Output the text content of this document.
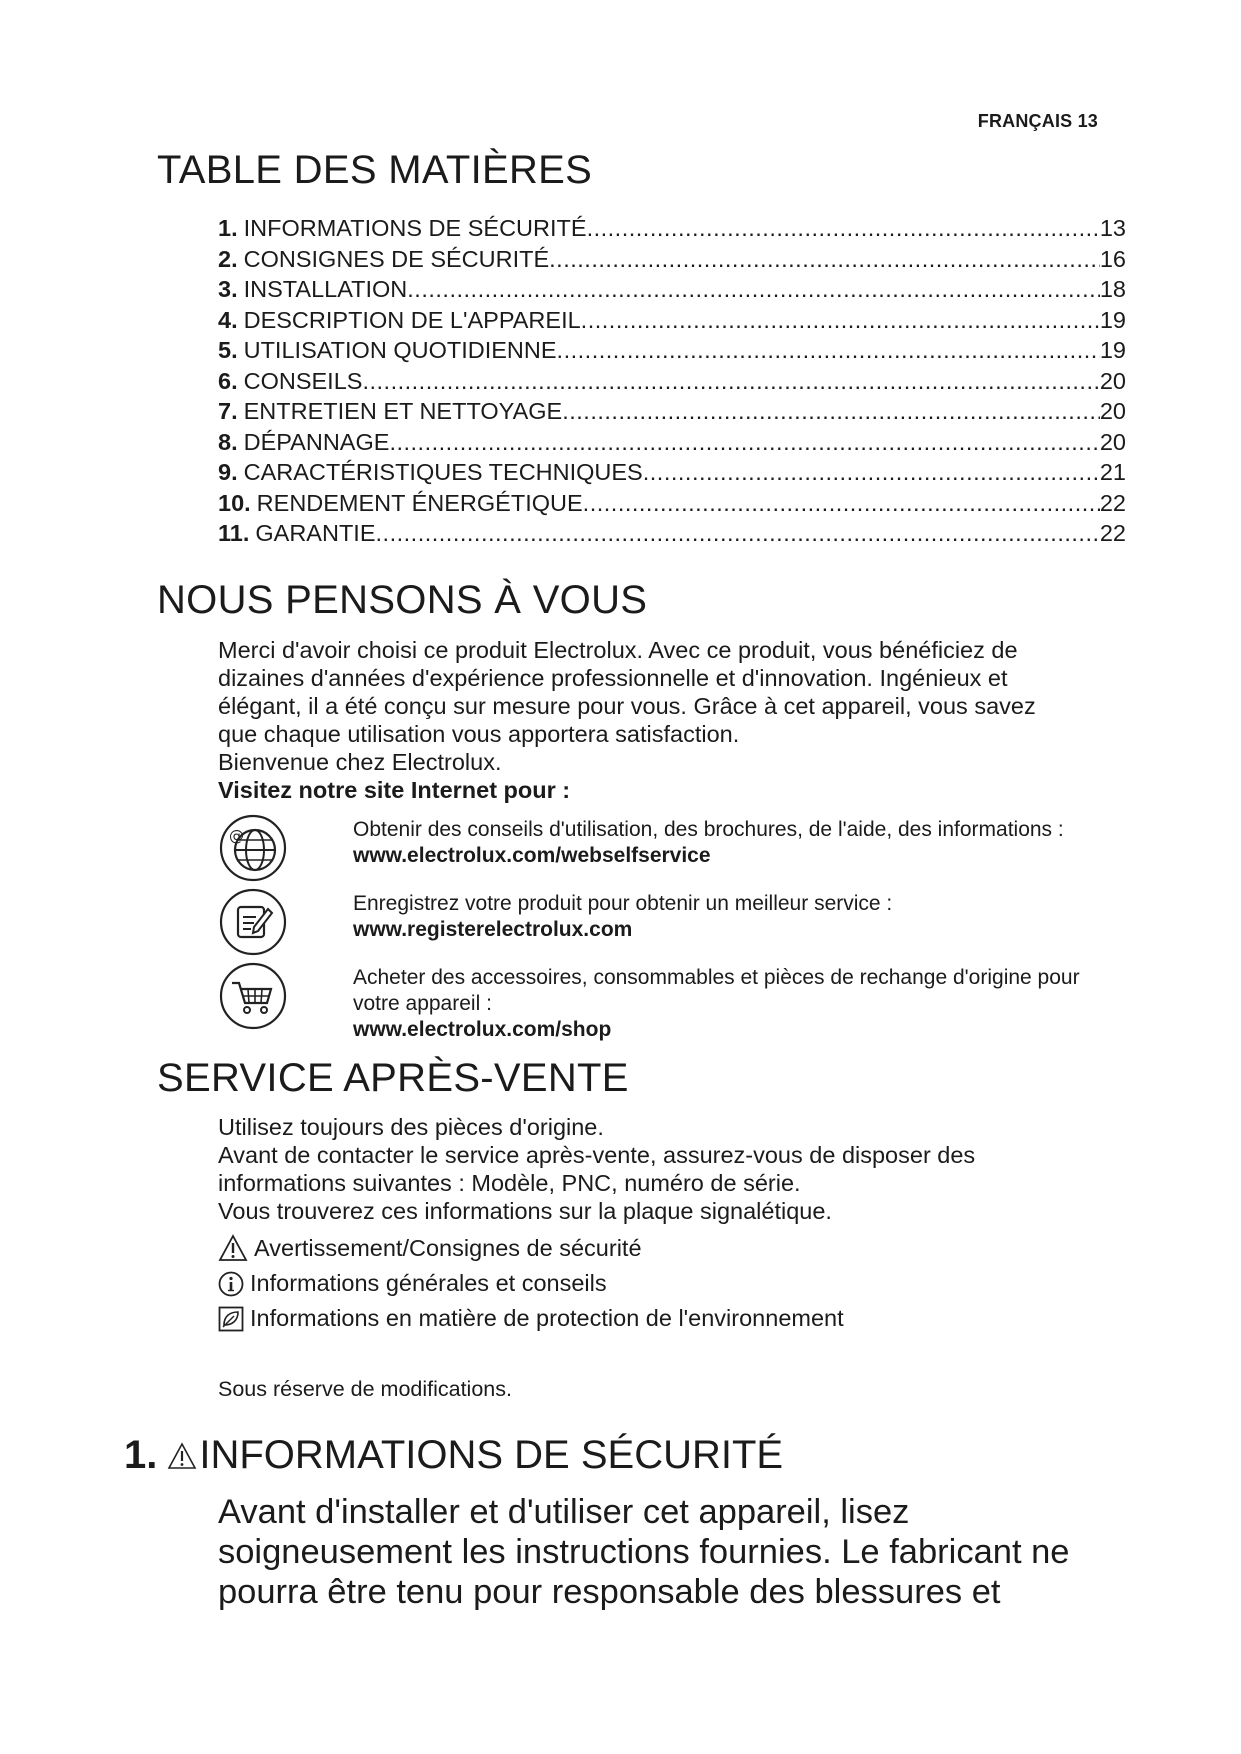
FRANÇAIS 13
TABLE DES MATIÈRES
1. INFORMATIONS DE SÉCURITÉ .....	13
2. CONSIGNES DE SÉCURITÉ .....	16
3. INSTALLATION .....	18
4. DESCRIPTION DE L'APPAREIL .....	19
5. UTILISATION QUOTIDIENNE .....	19
6. CONSEILS .....	20
7. ENTRETIEN ET NETTOYAGE .....	20
8. DÉPANNAGE .....	20
9. CARACTÉRISTIQUES TECHNIQUES .....	21
10. RENDEMENT ÉNERGÉTIQUE .....	22
11. GARANTIE .....	22
NOUS PENSONS À VOUS

Merci d'avoir choisi ce produit Electrolux. Avec ce produit, vous bénéficiez de

dizaines d'années d'expérience professionnelle et d'innovation. Ingénieux et

élégant, il a été conçu sur mesure pour vous. Grâce à cet appareil, vous savez

que chaque utilisation vous apportera satisfaction.

Bienvenue chez Electrolux.

Visitez notre site Internet pour :

@	Obtenir des conseils d'utilisation, des brochures, de l'aide, des informations :
www.electrolux.com/webselfservice
Enregistrez votre produit pour obtenir un meilleur service :
www.registerelectrolux.com
Acheter des accessoires, consommables et pièces de rechange d'origine pour
votre appareil :
www.electrolux.com/shop
SERVICE APRÈS-VENTE

Utilisez toujours des pièces d'origine.

Avant de contacter le service après-vente, assurez-vous de disposer des

informations suivantes : Modèle, PNC, numéro de série.

Vous trouverez ces informations sur la plaque signalétique.

Avertissement/Consignes de sécurité
Informations générales et conseils
Informations en matière de protection de l'environnement
Sous réserve de modifications.
1. INFORMATIONS DE SÉCURITÉ
Avant d'installer et d'utiliser cet appareil, lisez
soigneusement les instructions fournies. Le fabricant ne
pourra être tenu pour responsable des blessures et
